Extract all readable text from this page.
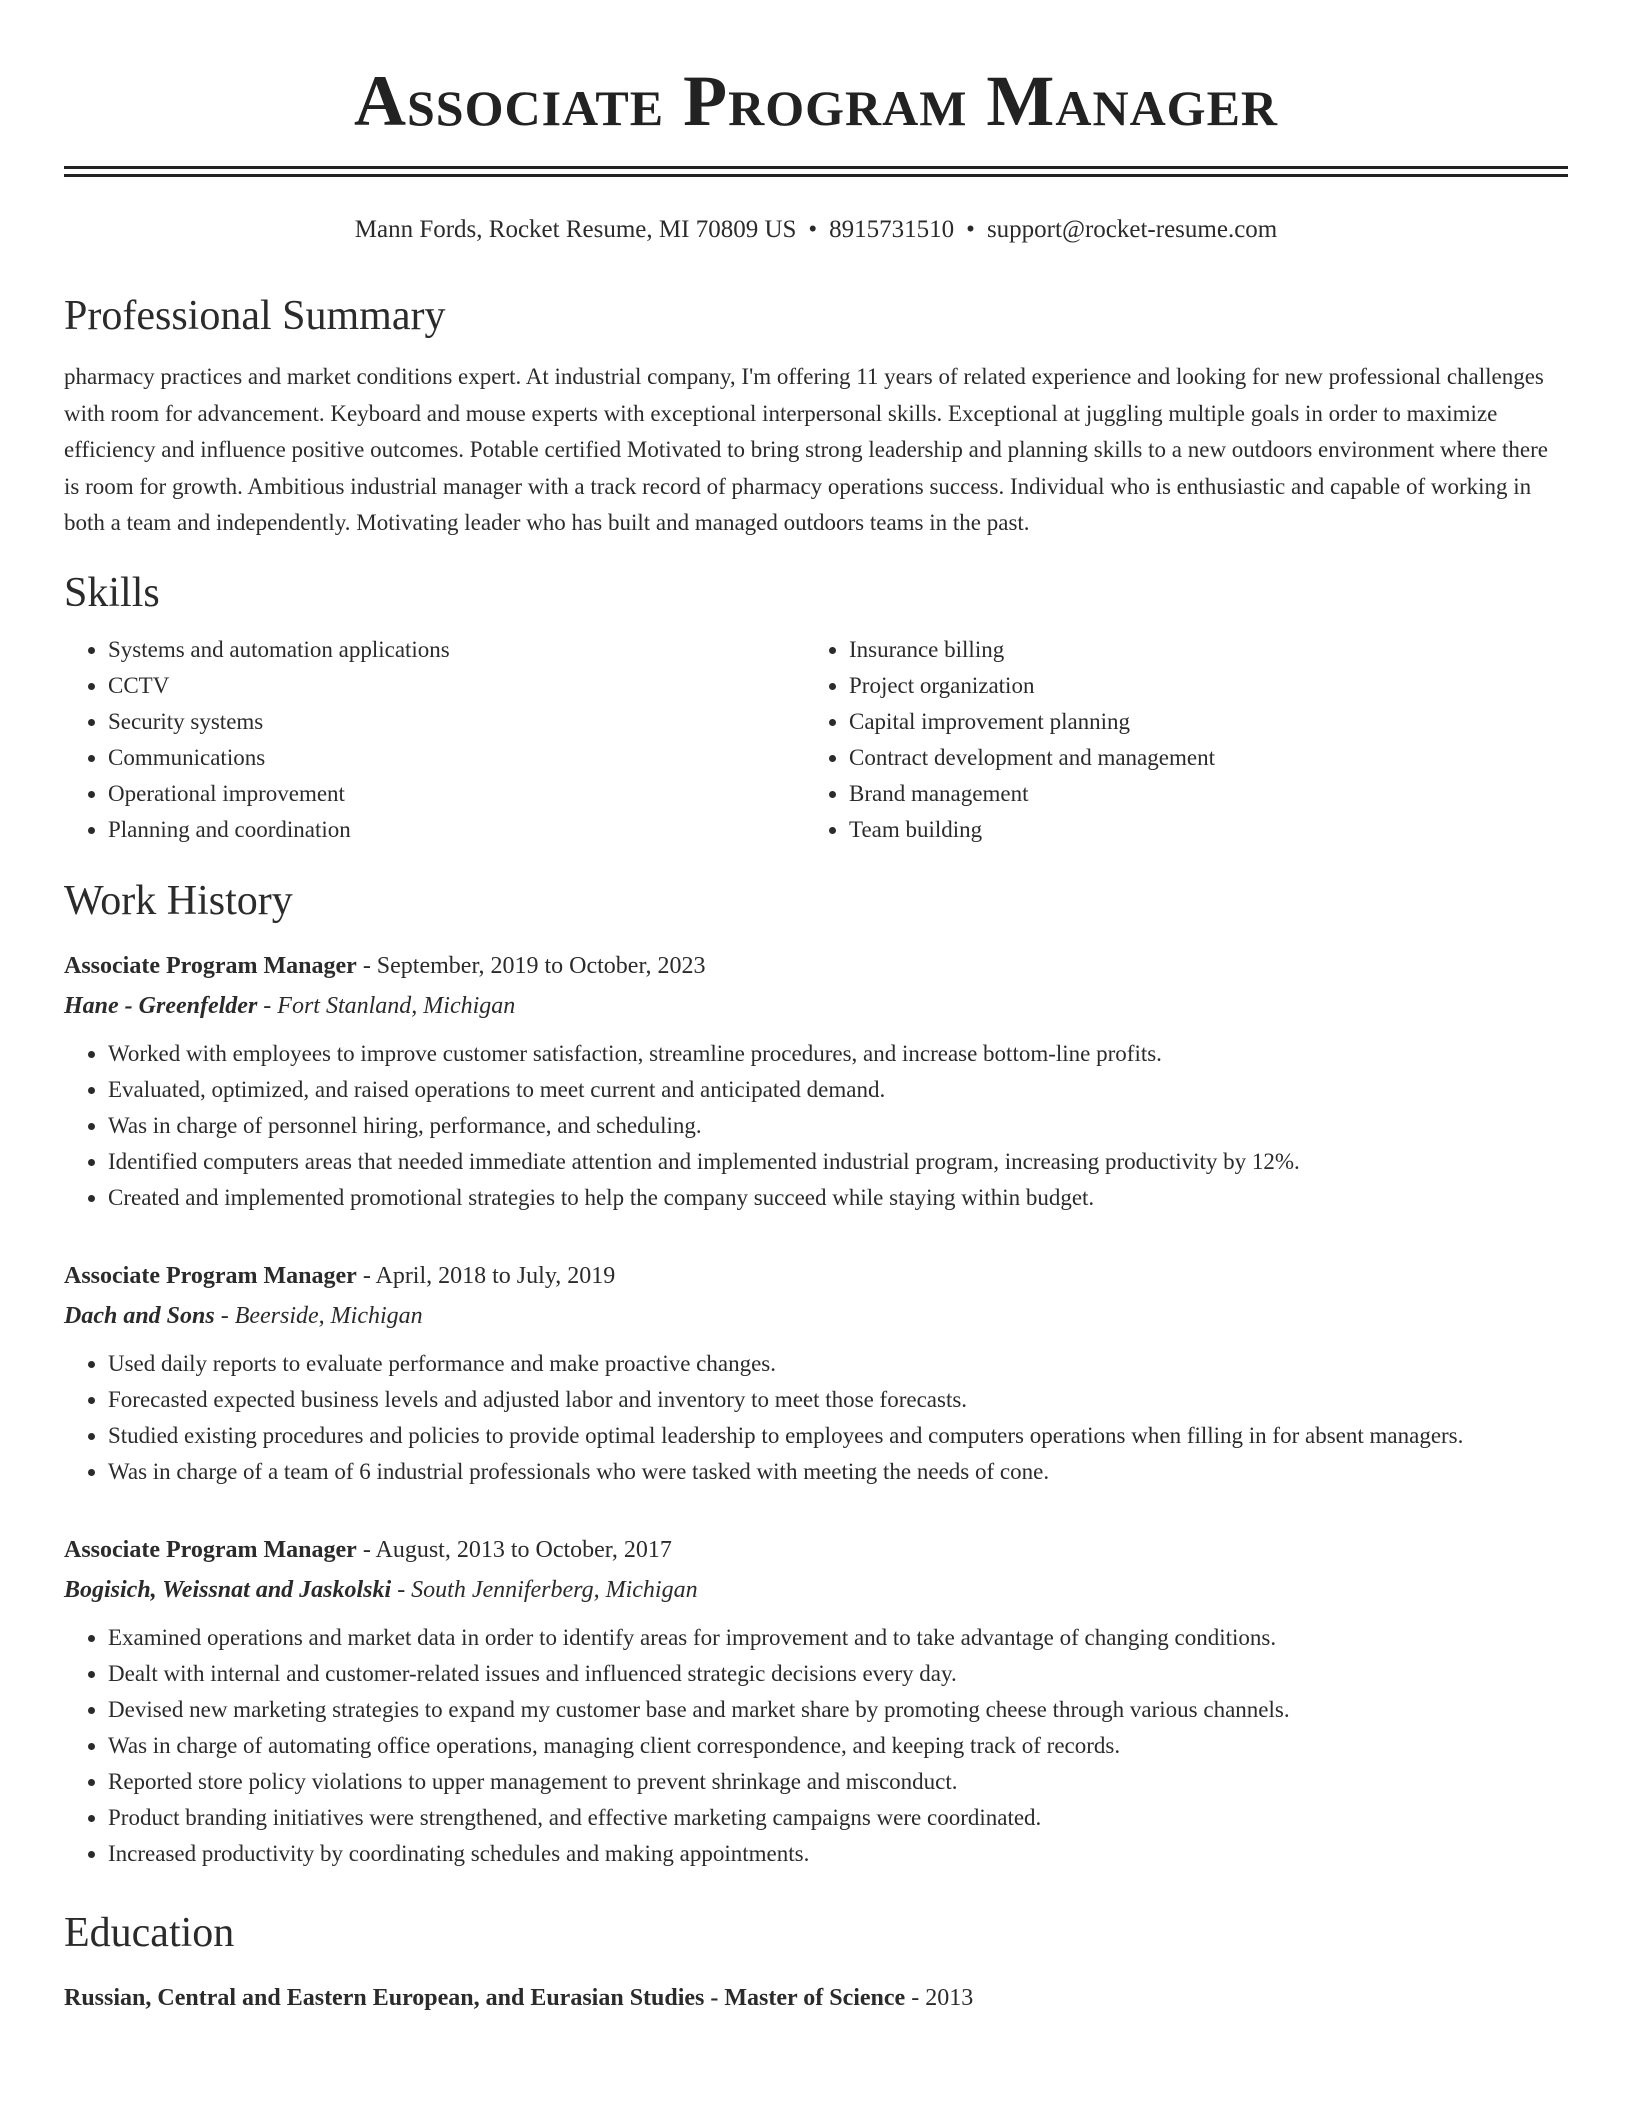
Associate Program Manager
Mann Fords, Rocket Resume, MI 70809 US • 8915731510 • support@rocket-resume.com
Professional Summary

pharmacy practices and market conditions expert. At industrial company, I'm offering 11 years of related experience and looking for new professional challenges with room for advancement. Keyboard and mouse experts with exceptional interpersonal skills. Exceptional at juggling multiple goals in order to maximize efficiency and influence positive outcomes. Potable certified Motivated to bring strong leadership and planning skills to a new outdoors environment where there is room for growth. Ambitious industrial manager with a track record of pharmacy operations success. Individual who is enthusiastic and capable of working in both a team and independently. Motivating leader who has built and managed outdoors teams in the past.

Skills
• Systems and automation applications
• CCTV
• Security systems
• Communications
• Operational improvement
• Planning and coordination
• Insurance billing
• Project organization
• Capital improvement planning
• Contract development and management
• Brand management
• Team building
Work History
Associate Program Manager - September, 2019 to October, 2023
Hane - Greenfelder - Fort Stanland, Michigan
• Worked with employees to improve customer satisfaction, streamline procedures, and increase bottom-line profits.
• Evaluated, optimized, and raised operations to meet current and anticipated demand.
• Was in charge of personnel hiring, performance, and scheduling.
• Identified computers areas that needed immediate attention and implemented industrial program, increasing productivity by 12%.
• Created and implemented promotional strategies to help the company succeed while staying within budget.
Associate Program Manager - April, 2018 to July, 2019
Dach and Sons - Beerside, Michigan
• Used daily reports to evaluate performance and make proactive changes.
• Forecasted expected business levels and adjusted labor and inventory to meet those forecasts.
• Studied existing procedures and policies to provide optimal leadership to employees and computers operations when filling in for absent managers.
• Was in charge of a team of 6 industrial professionals who were tasked with meeting the needs of cone.
Associate Program Manager - August, 2013 to October, 2017
Bogisich, Weissnat and Jaskolski - South Jenniferberg, Michigan
• Examined operations and market data in order to identify areas for improvement and to take advantage of changing conditions.
• Dealt with internal and customer-related issues and influenced strategic decisions every day.
• Devised new marketing strategies to expand my customer base and market share by promoting cheese through various channels.
• Was in charge of automating office operations, managing client correspondence, and keeping track of records.
• Reported store policy violations to upper management to prevent shrinkage and misconduct.
• Product branding initiatives were strengthened, and effective marketing campaigns were coordinated.
• Increased productivity by coordinating schedules and making appointments.
Education
Russian, Central and Eastern European, and Eurasian Studies - Master of Science - 2013
